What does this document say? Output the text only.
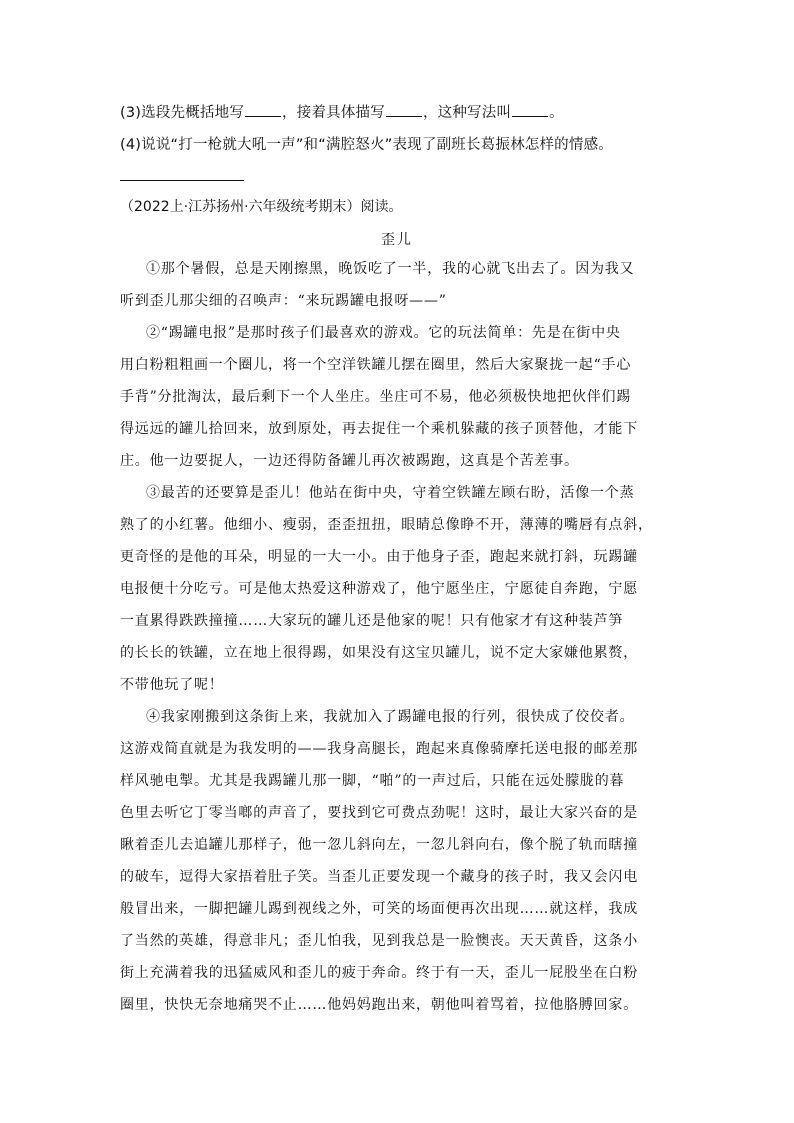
(3)选段先概括地写	，接着具体描写	，这种写法叫	。
(4)说说“打一枪就大吼一声”和“满腔怒火”表现了副班长葛振林怎样的情感。
（2022上·江苏扬州·六年级统考期末）阅读。
歪儿
①那个暑假，总是天刚擦黑，晚饭吃了一半，我的心就飞出去了。因为我又
听到歪儿那尖细的召唤声：“来玩踢罐电报呀——”
②“踢罐电报”是那时孩子们最喜欢的游戏。它的玩法简单：先是在街中央
用白粉粗粗画一个圈儿，将一个空洋铁罐儿摆在圈里，然后大家聚拢一起“手心
手背”分批淘汰，最后剩下一个人坐庄。坐庄可不易，他必须极快地把伙伴们踢
得远远的罐儿拾回来，放到原处，再去捉住一个乘机躲藏的孩子顶替他，才能下
庄。他一边要捉人，一边还得防备罐儿再次被踢跑，这真是个苦差事。
③最苦的还要算是歪儿！他站在街中央，守着空铁罐左顾右盼，活像一个蒸
熟了的小红薯。他细小、瘦弱，歪歪扭扭，眼睛总像睁不开，薄薄的嘴唇有点斜，
更奇怪的是他的耳朵，明显的一大一小。由于他身子歪，跑起来就打斜，玩踢罐
电报便十分吃亏。可是他太热爱这种游戏了，他宁愿坐庄，宁愿徒自奔跑，宁愿
一直累得跌跌撞撞……大家玩的罐儿还是他家的呢！只有他家才有这种装芦笋
的长长的铁罐，立在地上很得踢，如果没有这宝贝罐儿，说不定大家嫌他累赘，
不带他玩了呢！
④我家刚搬到这条街上来，我就加入了踢罐电报的行列，很快成了佼佼者。
这游戏简直就是为我发明的——我身高腿长，跑起来真像骑摩托送电报的邮差那
样风驰电掣。尤其是我踢罐儿那一脚，“啪”的一声过后，只能在远处朦胧的暮
色里去听它丁零当啷的声音了，要找到它可费点劲呢！这时，最让大家兴奋的是
瞅着歪儿去追罐儿那样子，他一忽儿斜向左，一忽儿斜向右，像个脱了轨而瞎撞
的破车，逗得大家捂着肚子笑。当歪儿正要发现一个藏身的孩子时，我又会闪电
般冒出来，一脚把罐儿踢到视线之外，可笑的场面便再次出现……就这样，我成
了当然的英雄，得意非凡；歪儿怕我，见到我总是一脸懊丧。天天黄昏，这条小
街上充满着我的迅猛威风和歪儿的疲于奔命。终于有一天，歪儿一屁股坐在白粉
圈里，快快无奈地痛哭不止……他妈妈跑出来，朝他叫着骂着，拉他胳膊回家。
